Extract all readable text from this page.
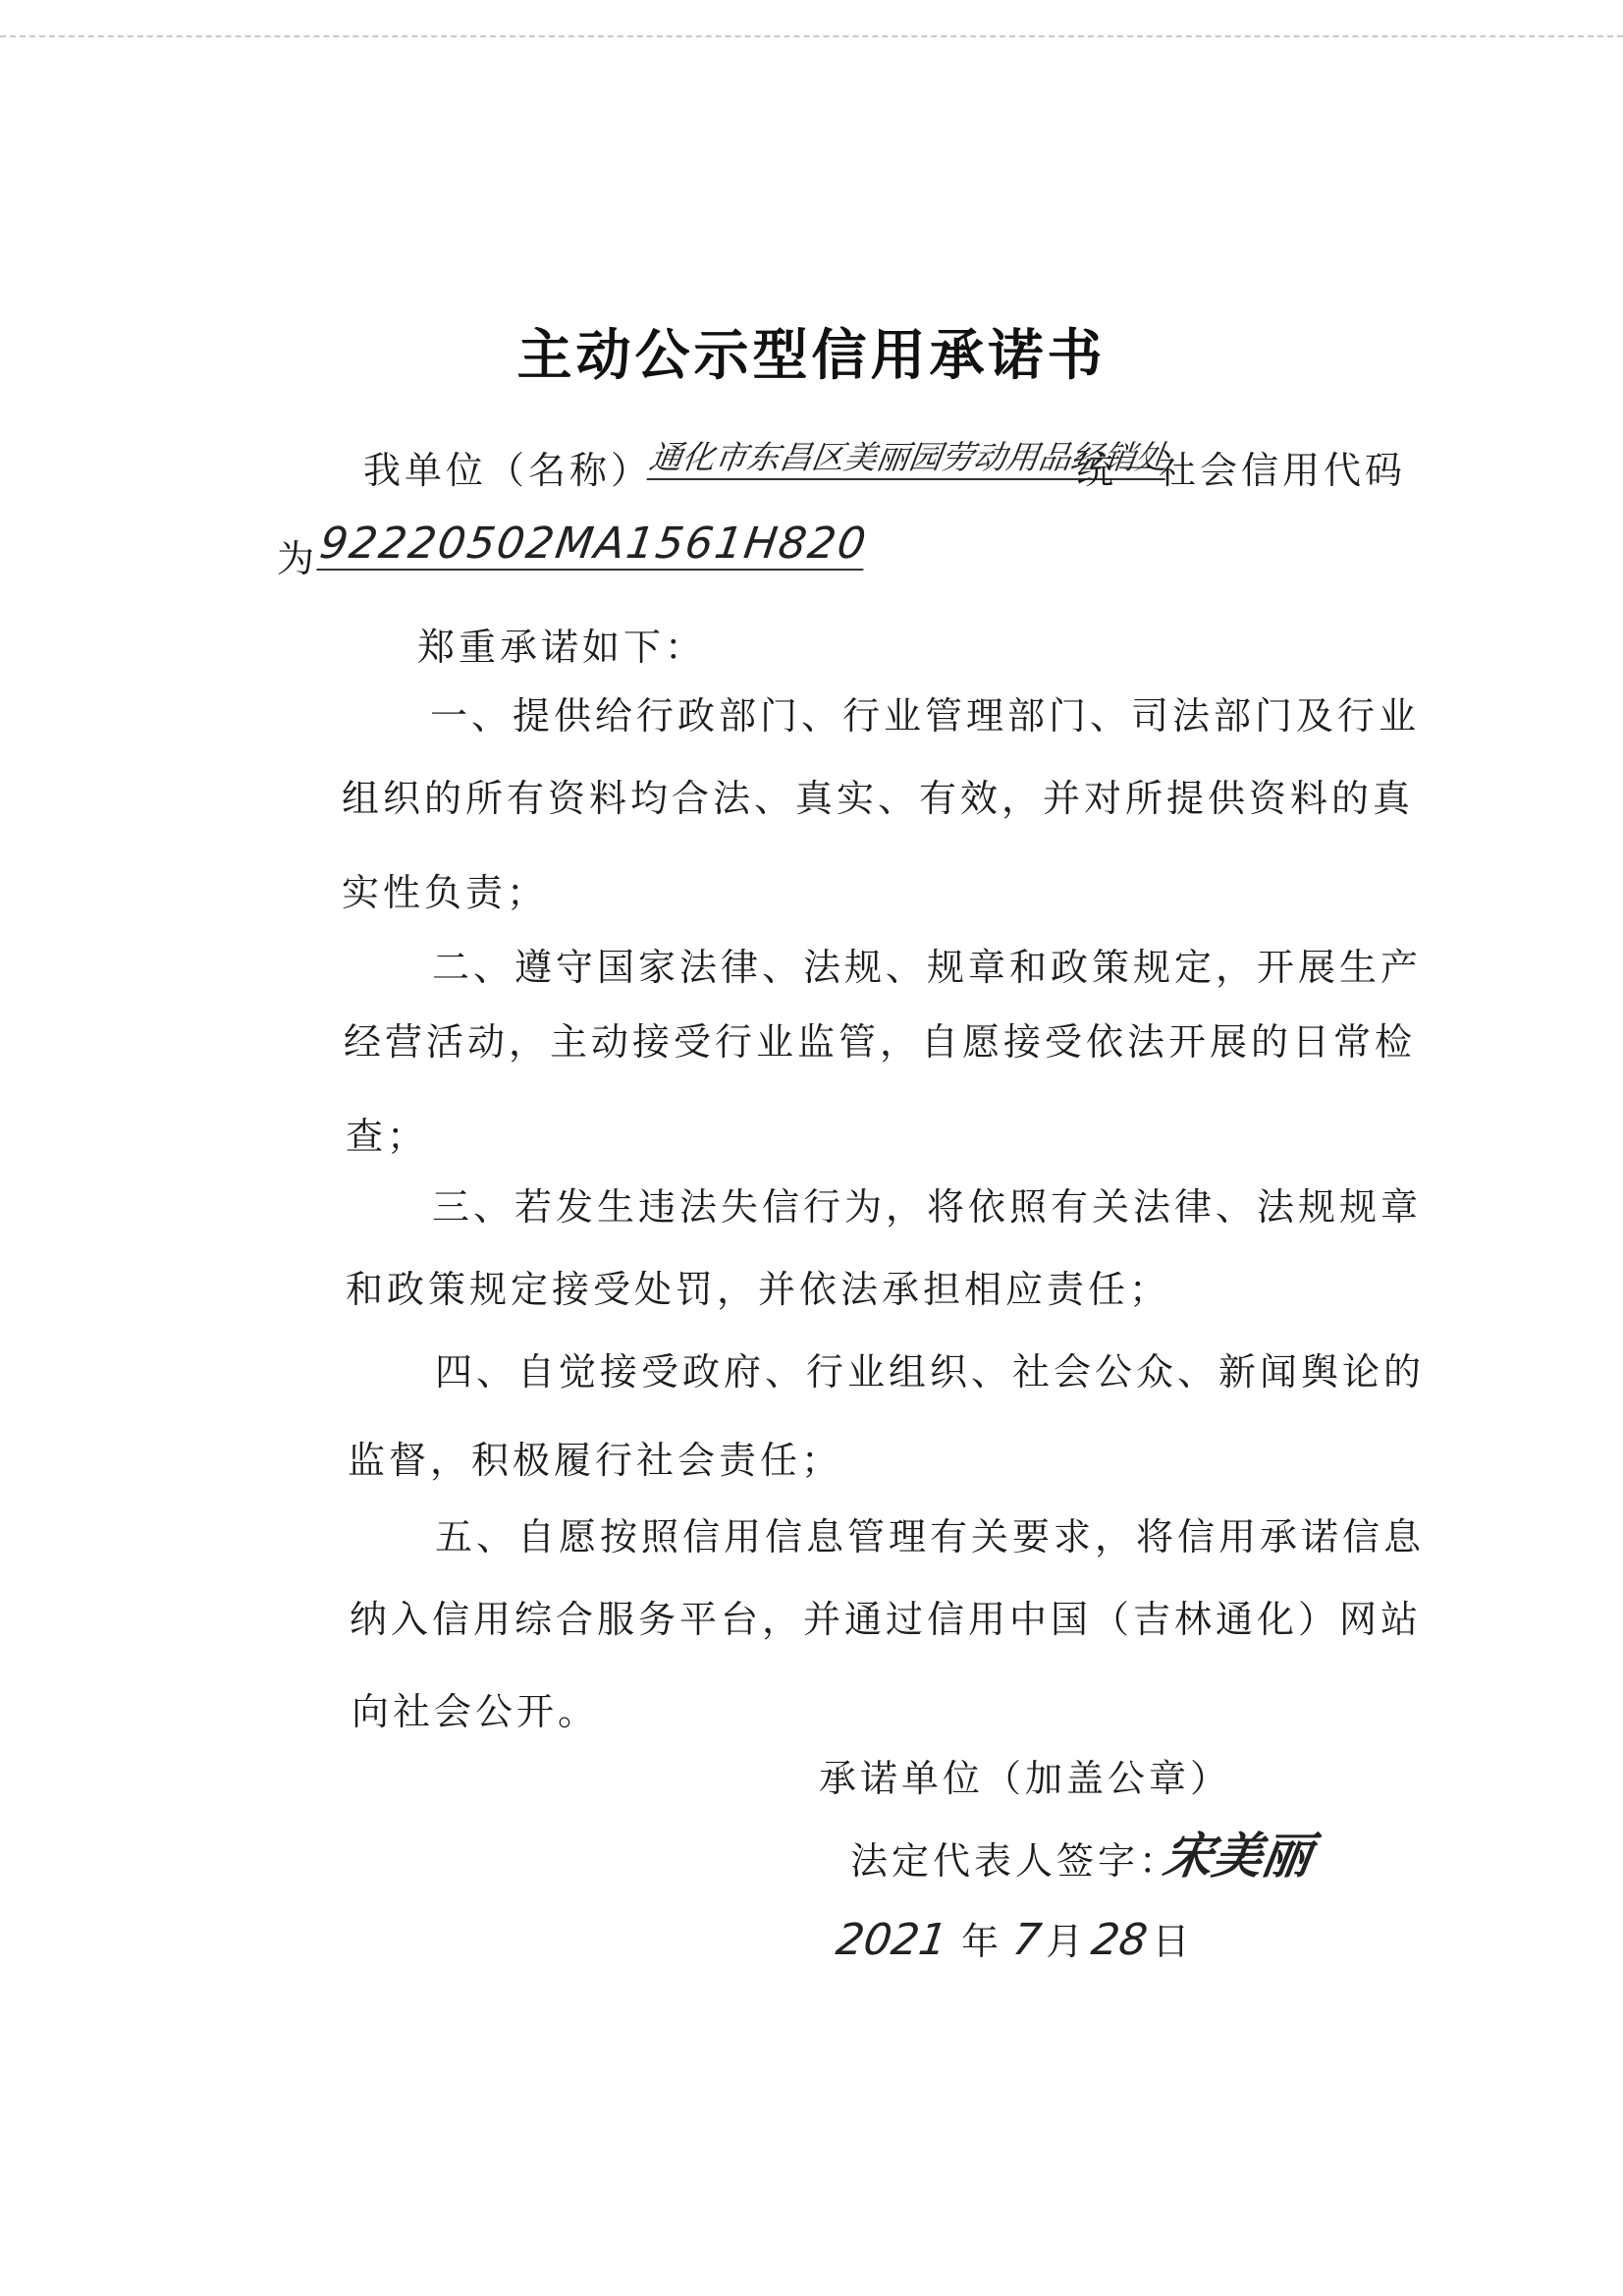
主动公示型信用承诺书
我单位（名称）
通化市东昌区美丽园劳动用品经销处
统一社会信用代码
为
92220502MA1561H820
郑重承诺如下：
一、提供给行政部门、行业管理部门、司法部门及行业
组织的所有资料均合法、真实、有效，并对所提供资料的真
实性负责；
二、遵守国家法律、法规、规章和政策规定，开展生产
经营活动，主动接受行业监管，自愿接受依法开展的日常检
查；
三、若发生违法失信行为，将依照有关法律、法规规章
和政策规定接受处罚，并依法承担相应责任；
四、自觉接受政府、行业组织、社会公众、新闻舆论的
监督，积极履行社会责任；
五、自愿按照信用信息管理有关要求，将信用承诺信息
纳入信用综合服务平台，并通过信用中国（吉林通化）网站
向社会公开。
承诺单位（加盖公章）
法定代表人签字：
宋美丽
2021 年 7 月 28 日
